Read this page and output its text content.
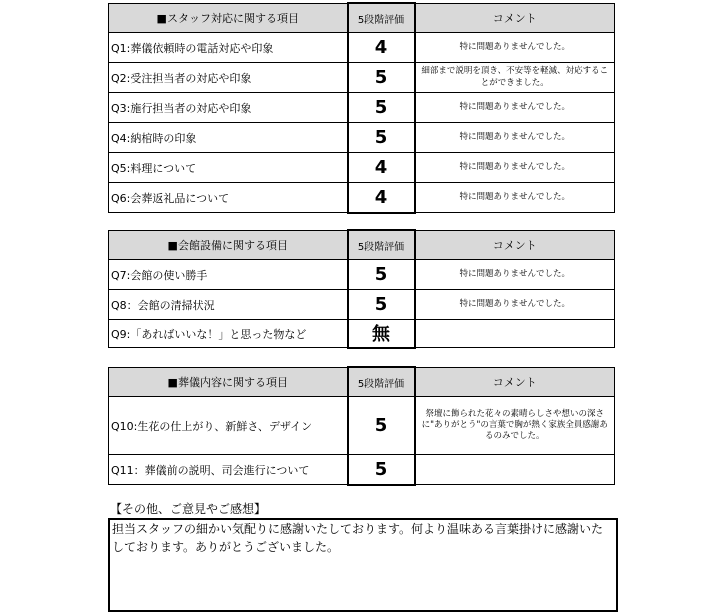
■スタッフ対応に関する項目	5段階評価	コメント
Q1:葬儀依頼時の電話対応や印象	4	特に問題ありませんでした。
Q2:受注担当者の対応や印象	5	細部まで説明を頂き、不安等を軽減、対応することができました。
Q3:施行担当者の対応や印象	5	特に問題ありませんでした。
Q4:納棺時の印象	5	特に問題ありませんでした。
Q5:料理について	4	特に問題ありませんでした。
Q6:会葬返礼品について	4	特に問題ありませんでした。
■会館設備に関する項目	5段階評価	コメント
Q7:会館の使い勝手	5	特に問題ありませんでした。
Q8：会館の清掃状況	5	特に問題ありませんでした。
Q9:「あればいいな！」と思った物など	無	
■葬儀内容に関する項目	5段階評価	コメント
Q10:生花の仕上がり、新鮮さ、デザイン	5	祭壇に飾られた花々の素晴らしさや想いの深さに"ありがとう"の言葉で胸が熱く家族全員感謝あるのみでした。
Q11：葬儀前の説明、司会進行について	5	
【その他、ご意見やご感想】
担当スタッフの細かい気配りに感謝いたしております。何より温味ある言葉掛けに感謝いたしております。ありがとうございました。
